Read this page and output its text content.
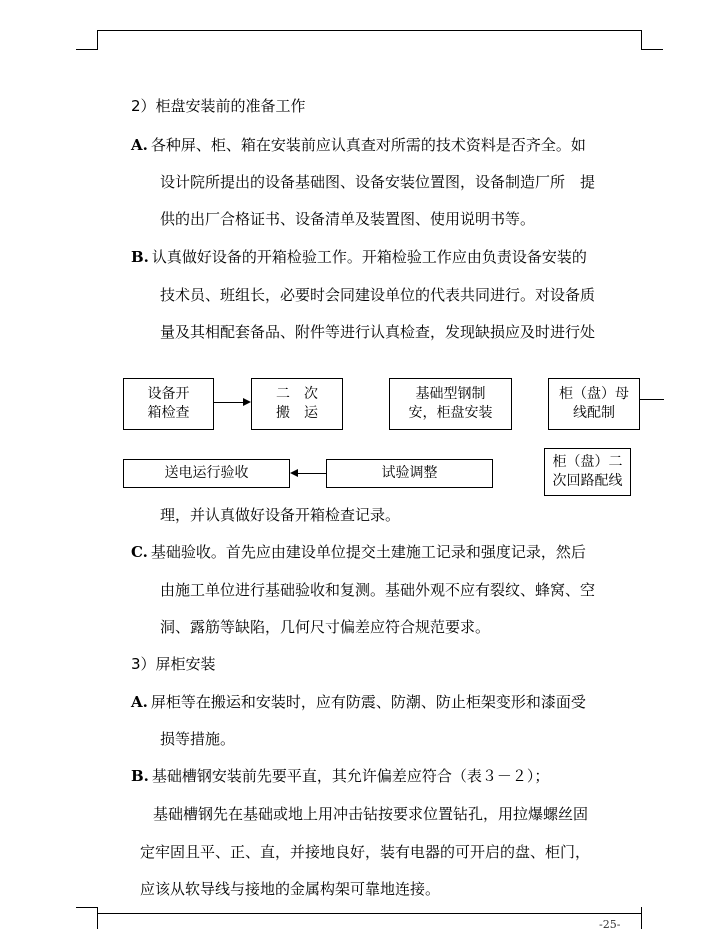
2）柜盘安装前的准备工作
A. 各种屏、柜、箱在安装前应认真查对所需的技术资料是否齐全。如
设计院所提出的设备基础图、设备安装位置图，设备制造厂所　提
供的出厂合格证书、设备清单及装置图、使用说明书等。
B. 认真做好设备的开箱检验工作。开箱检验工作应由负责设备安装的
技术员、班组长，必要时会同建设单位的代表共同进行。对设备质
量及其相配套备品、附件等进行认真检查，发现缺损应及时进行处
设备开
箱检查
二　次
搬　运
基础型钢制
安，柜盘安装
柜（盘）母
线配制
柜（盘）二
次回路配线
试验调整
送电运行验收
理，并认真做好设备开箱检查记录。
C. 基础验收。首先应由建设单位提交土建施工记录和强度记录，然后
由施工单位进行基础验收和复测。基础外观不应有裂纹、蜂窝、空
洞、露筋等缺陷，几何尺寸偏差应符合规范要求。
3）屏柜安装
A. 屏柜等在搬运和安装时，应有防震、防潮、防止柜架变形和漆面受
损等措施。
B. 基础槽钢安装前先要平直，其允许偏差应符合（表３－２）；
基础槽钢先在基础或地上用冲击钻按要求位置钻孔，用拉爆螺丝固
定牢固且平、正、直，并接地良好，装有电器的可开启的盘、柜门，
应该从软导线与接地的金属构架可靠地连接。
-25-
